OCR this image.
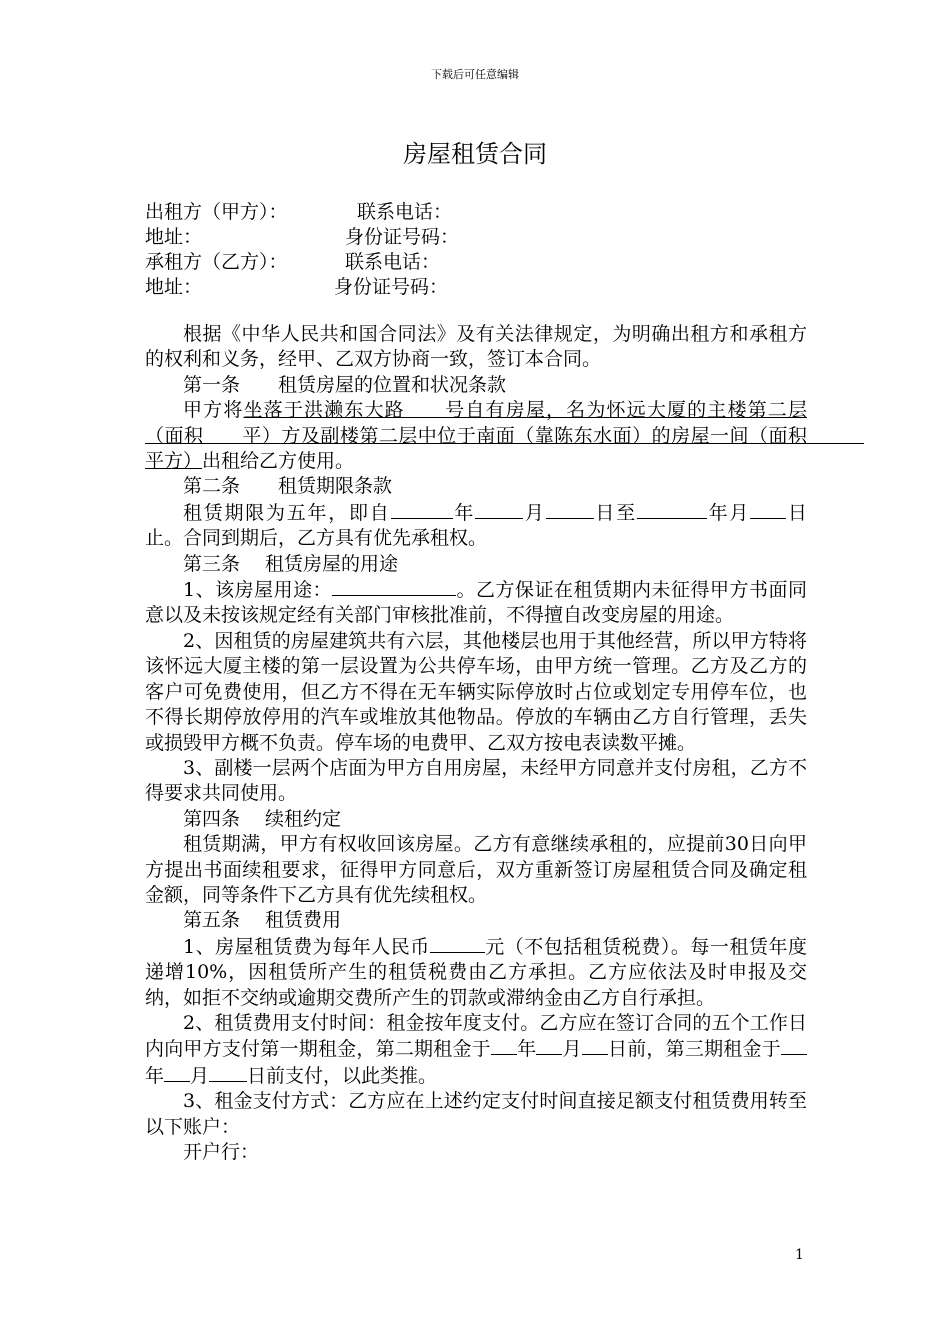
下载后可任意编辑
房屋租赁合同
出租方（甲方）：	联系电话：
地址：	身份证号码：
承租方（乙方）：	联系电话：
地址：	身份证号码：

根据《中华人民共和国合同法》及有关法律规定，为明确出租方和承租方的权利和义务，经甲、乙双方协商一致，签订本合同。

第一条　　租赁房屋的位置和状况条款

甲方将坐落于洪濑东大路　　号自有房屋，名为怀远大厦的主楼第二层（面积　　平）方及副楼第二层中位于南面（靠陈东水面）的房屋一间（面积　　　平方）出租给乙方使用。

第二条　　租赁期限条款

租赁期限为五年，即自	年	月	日至	年月 日止。合同到期后，乙方具有优先承租权。

第三条　 租赁房屋的用途

1、该房屋用途：	。乙方保证在租赁期内未征得甲方书面同意以及未按该规定经有关部门审核批准前，不得擅自改变房屋的用途。

2、因租赁的房屋建筑共有六层，其他楼层也用于其他经营，所以甲方特将该怀远大厦主楼的第一层设置为公共停车场，由甲方统一管理。乙方及乙方的客户可免费使用，但乙方不得在无车辆实际停放时占位或划定专用停车位，也不得长期停放停用的汽车或堆放其他物品。停放的车辆由乙方自行管理，丢失或损毁甲方概不负责。停车场的电费甲、乙双方按电表读数平摊。

3、副楼一层两个店面为甲方自用房屋，未经甲方同意并支付房租，乙方不得要求共同使用。

第四条　 续租约定

租赁期满，甲方有权收回该房屋。乙方有意继续承租的，应提前30日向甲方提出书面续租要求，征得甲方同意后，双方重新签订房屋租赁合同及确定租金额，同等条件下乙方具有优先续租权。

第五条　 租赁费用

1、房屋租赁费为每年人民币	元（不包括租赁税费）。每一租赁年度递增10%，因租赁所产生的租赁税费由乙方承担。乙方应依法及时申报及交纳，如拒不交纳或逾期交费所产生的罚款或滞纳金由乙方自行承担。

2、租赁费用支付时间：租金按年度支付。乙方应在签订合同的五个工作日内向甲方支付第一期租金，第二期租金于 年 月 日前，第三期租金于年 月 日前支付，以此类推。

3、租金支付方式：乙方应在上述约定支付时间直接足额支付租赁费用转至以下账户：

开户行：

1
